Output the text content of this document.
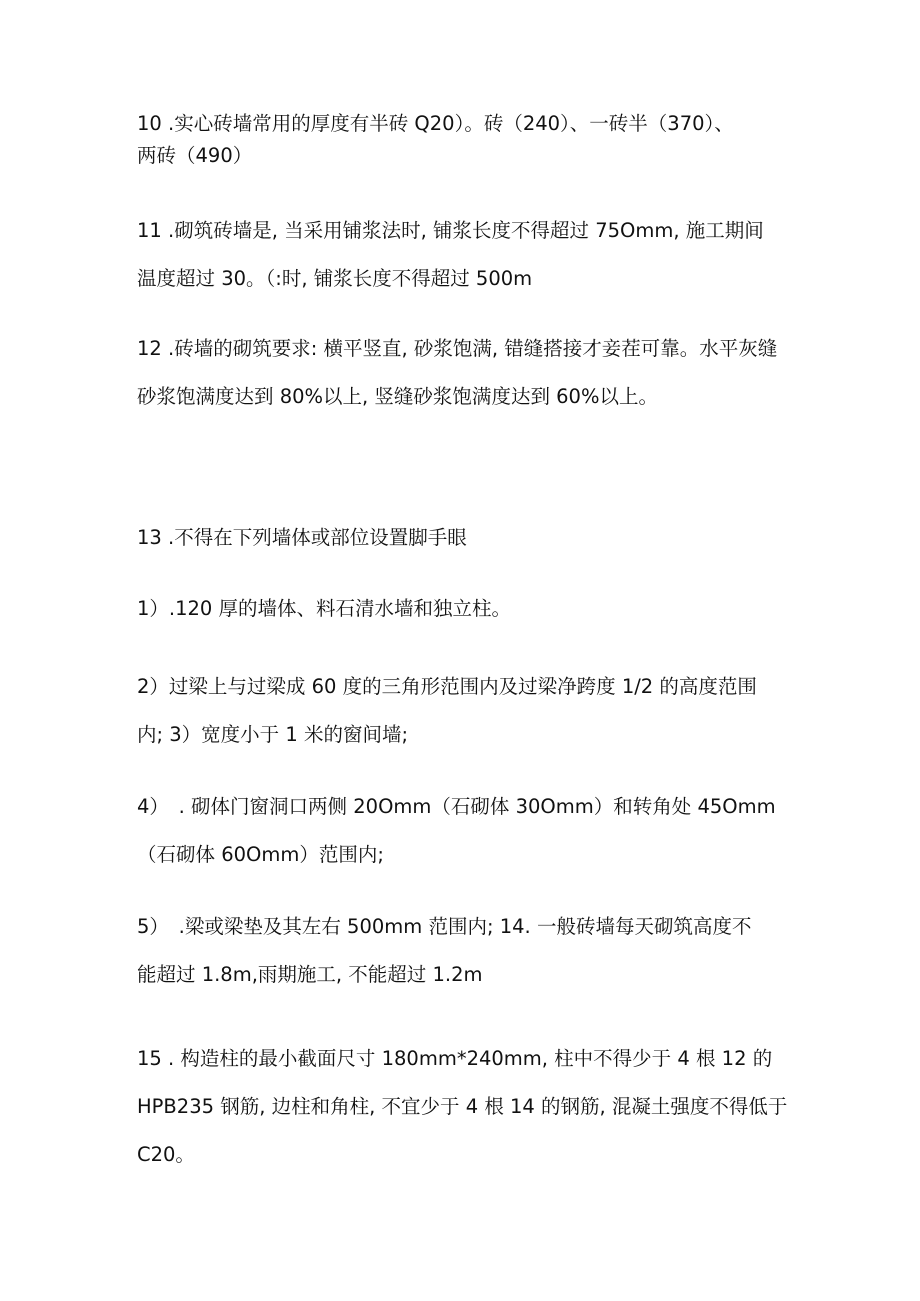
10 .实心砖墙常用的厚度有半砖 Q20）。砖（240）、一砖半（370）、
两砖（490）

11 .砌筑砖墙是, 当采用铺浆法时, 铺浆长度不得超过 75Omm, 施工期间
温度超过 30。（:时, 铺浆长度不得超过 500m

12 .砖墙的砌筑要求: 横平竖直, 砂浆饱满, 错缝搭接才妾茬可靠。水平灰缝
砂浆饱满度达到 80%以上, 竖缝砂浆饱满度达到 60%以上。

13 .不得在下列墙体或部位设置脚手眼

1）.120 厚的墙体、料石清水墙和独立柱。

2）过梁上与过梁成 60 度的三角形范围内及过梁净跨度 1/2 的高度范围
内; 3）宽度小于 1 米的窗间墙;

4）　. 砌体门窗洞口两侧 20Omm（石砌体 30Omm）和转角处 45Omm
（石砌体 60Omm）范围内;

5）　.梁或梁垫及其左右 500mm 范围内; 14. 一般砖墙每天砌筑高度不
能超过 1.8m,雨期施工, 不能超过 1.2m

15 . 构造柱的最小截面尺寸 180mm*240mm, 柱中不得少于 4 根 12 的
HPB235 钢筋, 边柱和角柱, 不宜少于 4 根 14 的钢筋, 混凝土强度不得低于
C20。
